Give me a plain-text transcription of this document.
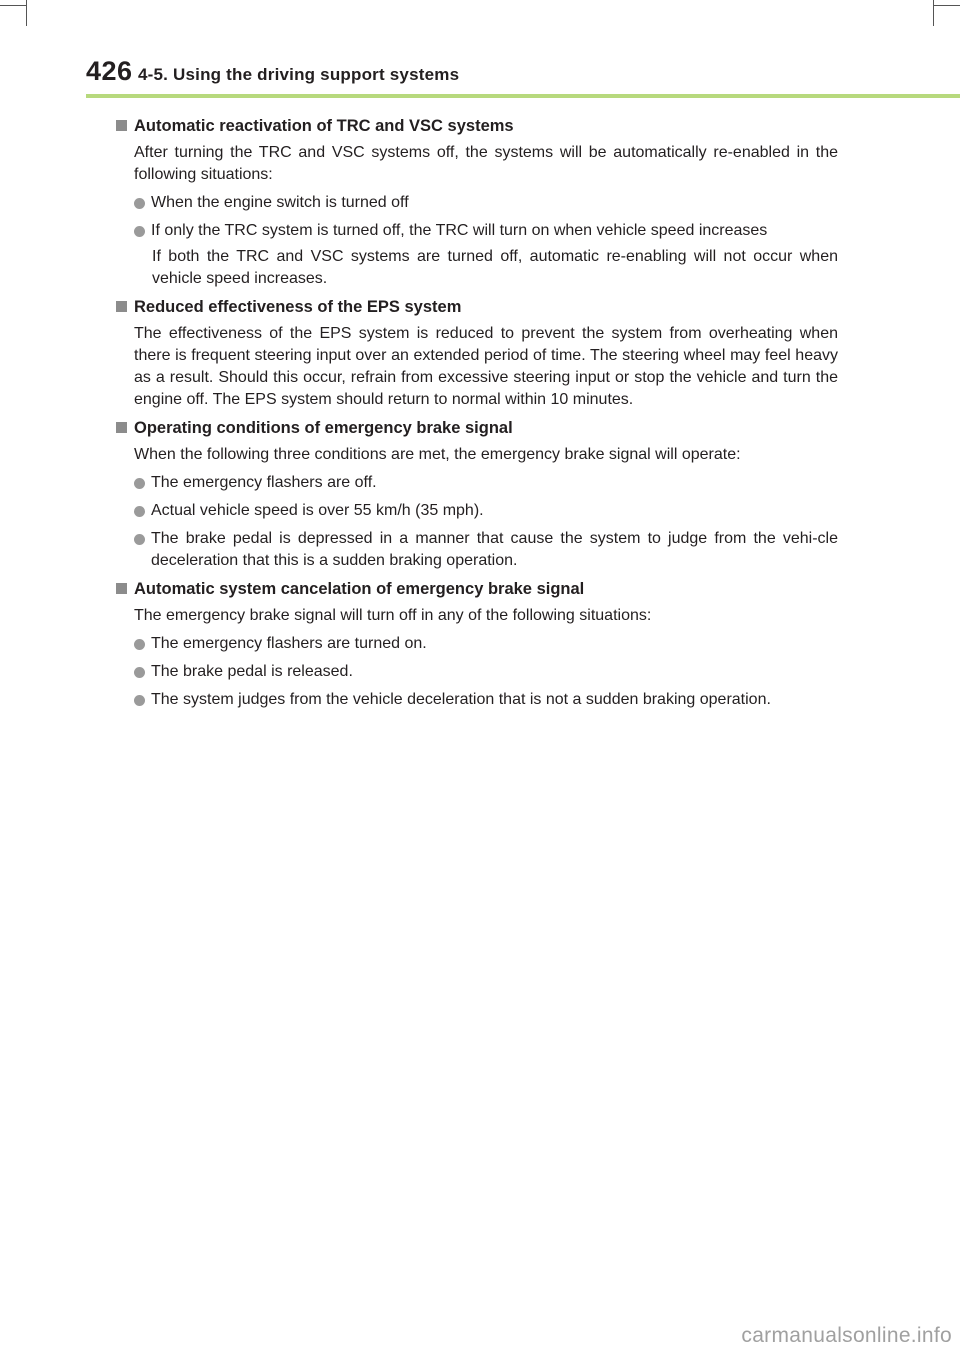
426 4-5. Using the driving support systems
Automatic reactivation of TRC and VSC systems
After turning the TRC and VSC systems off, the systems will be automatically re-enabled in the following situations:
When the engine switch is turned off
If only the TRC system is turned off, the TRC will turn on when vehicle speed increases
If both the TRC and VSC systems are turned off, automatic re-enabling will not occur when vehicle speed increases.
Reduced effectiveness of the EPS system
The effectiveness of the EPS system is reduced to prevent the system from overheating when there is frequent steering input over an extended period of time. The steering wheel may feel heavy as a result. Should this occur, refrain from excessive steering input or stop the vehicle and turn the engine off. The EPS system should return to normal within 10 minutes.
Operating conditions of emergency brake signal
When the following three conditions are met, the emergency brake signal will operate:
The emergency flashers are off.
Actual vehicle speed is over 55 km/h (35 mph).
The brake pedal is depressed in a manner that cause the system to judge from the vehi-cle deceleration that this is a sudden braking operation.
Automatic system cancelation of emergency brake signal
The emergency brake signal will turn off in any of the following situations:
The emergency flashers are turned on.
The brake pedal is released.
The system judges from the vehicle deceleration that is not a sudden braking operation.
carmanualsonline.info
